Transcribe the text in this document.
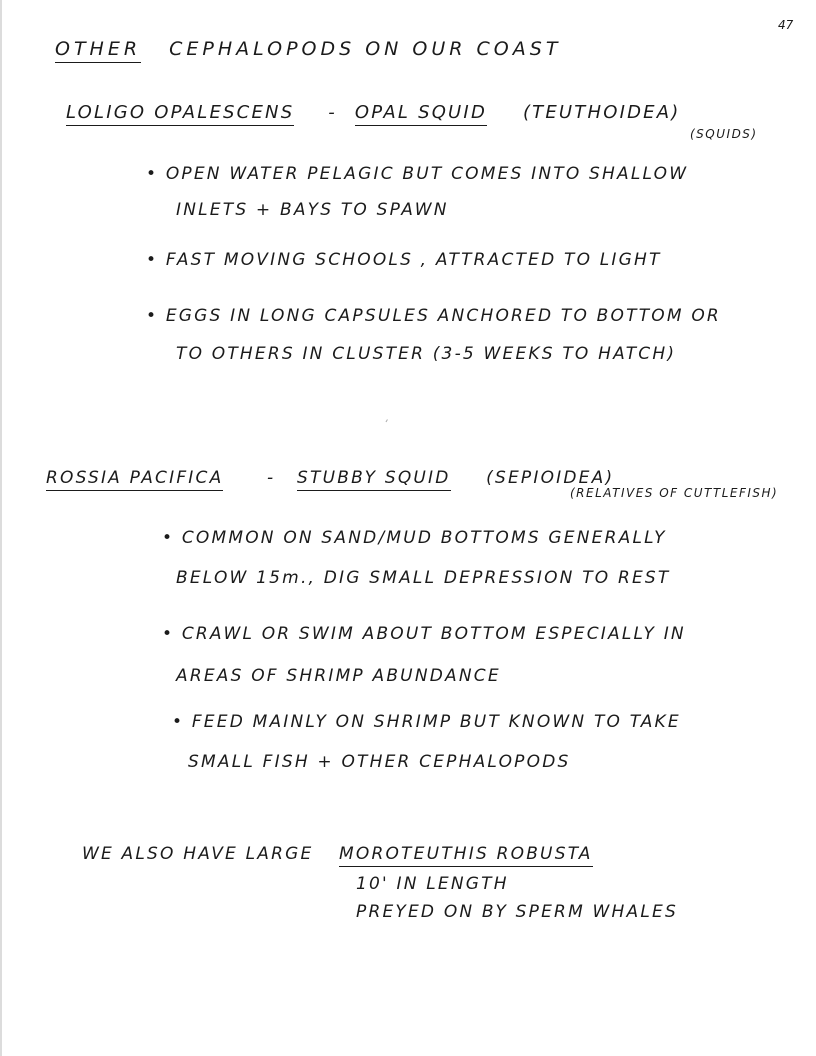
47
OTHER CEPHALOPODS ON OUR COAST
LOLIGO OPALESCENS - OPAL SQUID (TEUTHOIDEA)
(SQUIDS)
• OPEN WATER PELAGIC BUT COMES INTO SHALLOW
INLETS + BAYS TO SPAWN
• FAST MOVING SCHOOLS , ATTRACTED TO LIGHT
• EGGS IN LONG CAPSULES ANCHORED TO BOTTOM OR
TO OTHERS IN CLUSTER (3-5 WEEKS TO HATCH)
ROSSIA PACIFICA	- STUBBY SQUID (SEPIOIDEA)
(RELATIVES OF CUTTLEFISH)
• COMMON ON SAND/MUD BOTTOMS GENERALLY
BELOW 15m., DIG SMALL DEPRESSION TO REST
• CRAWL OR SWIM ABOUT BOTTOM ESPECIALLY IN
AREAS OF SHRIMP ABUNDANCE
• FEED MAINLY ON SHRIMP BUT KNOWN TO TAKE
SMALL FISH + OTHER CEPHALOPODS
WE ALSO HAVE LARGE MOROTEUTHIS ROBUSTA
10' IN LENGTH
PREYED ON BY SPERM WHALES
